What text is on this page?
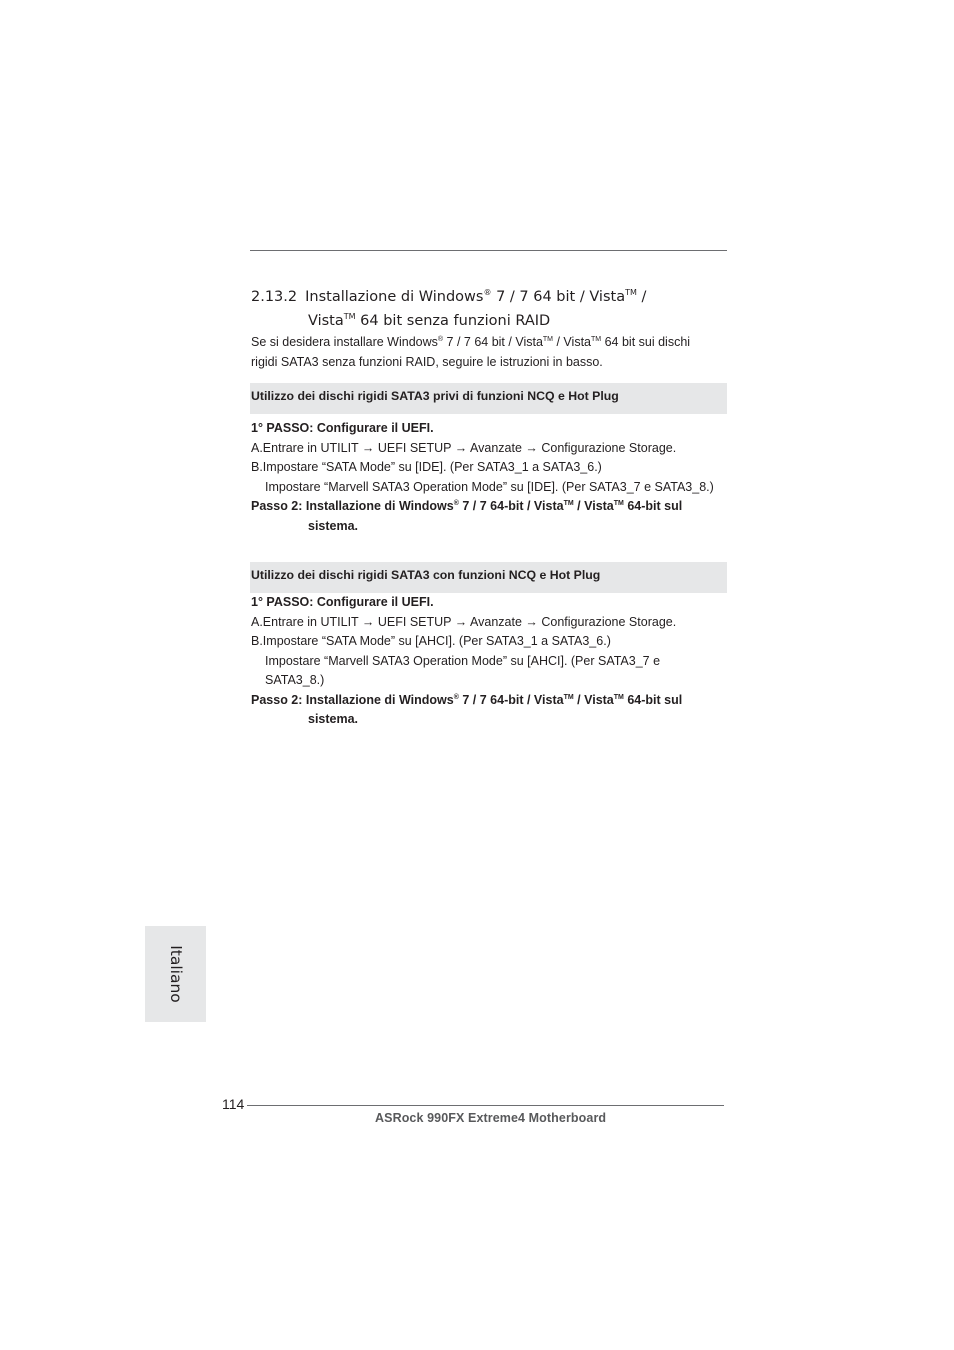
2.13.2 Installazione di Windows® 7 / 7 64 bit / Vista™ /
Vista™ 64 bit senza funzioni RAID
Se si desidera installare Windows® 7 / 7 64 bit / Vista™ / Vista™ 64 bit sui dischi
rigidi SATA3 senza funzioni RAID, seguire le istruzioni in basso.
Utilizzo dei dischi rigidi SATA3 privi di funzioni NCQ e Hot Plug
1° PASSO: Configurare il UEFI.
A.Entrare in UTILIT → UEFI SETUP → Avanzate → Configurazione Storage.
B.Impostare “SATA Mode” su [IDE]. (Per SATA3_1 a SATA3_6.)
Impostare “Marvell SATA3 Operation Mode” su [IDE]. (Per SATA3_7 e SATA3_8.)
Passo 2: Installazione di Windows® 7 / 7 64-bit / Vista™ / Vista™ 64-bit sul
sistema.
Utilizzo dei dischi rigidi SATA3 con funzioni NCQ e Hot Plug
1° PASSO: Configurare il UEFI.
A.Entrare in UTILIT → UEFI SETUP → Avanzate → Configurazione Storage.
B.Impostare “SATA Mode” su [AHCI]. (Per SATA3_1 a SATA3_6.)
Impostare “Marvell SATA3 Operation Mode” su [AHCI]. (Per SATA3_7 e
SATA3_8.)
Passo 2: Installazione di Windows® 7 / 7 64-bit / Vista™ / Vista™ 64-bit sul
sistema.
Italiano
114
ASRock 990FX Extreme4 Motherboard
